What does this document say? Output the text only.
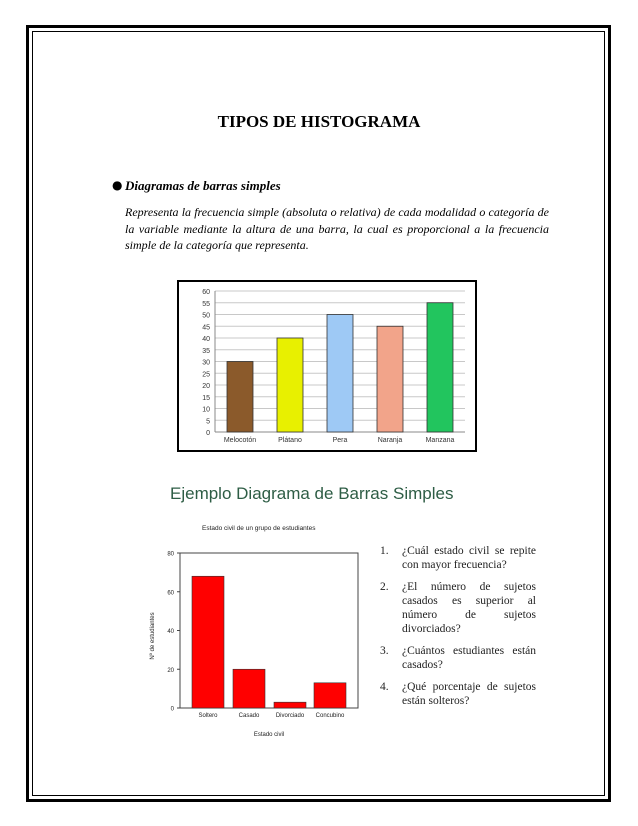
TIPOS DE HISTOGRAMA
● Diagramas de barras simples
Representa la frecuencia simple (absoluta o relativa) de cada modalidad o categoría de la variable mediante la altura de una barra, la cual es proporcional a la frecuencia simple de la categoría que representa.
0
5
10
15
20
25
30
35
40
45
50
55
60
Melocotón	Plátano	Pera	Naranja	Manzana
Ejemplo Diagrama de Barras Simples
Estado civil de un grupo de estudiantes
0
20
40
60
80
Nº de estudiantes
Soltero	Casado	Divorciado Concubino
Estado civil
1. ¿Cuál estado civil se repite con mayor frecuencia?
2. ¿El número de sujetos casados es superior al número de sujetos divorciados?
3. ¿Cuántos estudiantes están casados?
4. ¿Qué porcentaje de sujetos están solteros?
